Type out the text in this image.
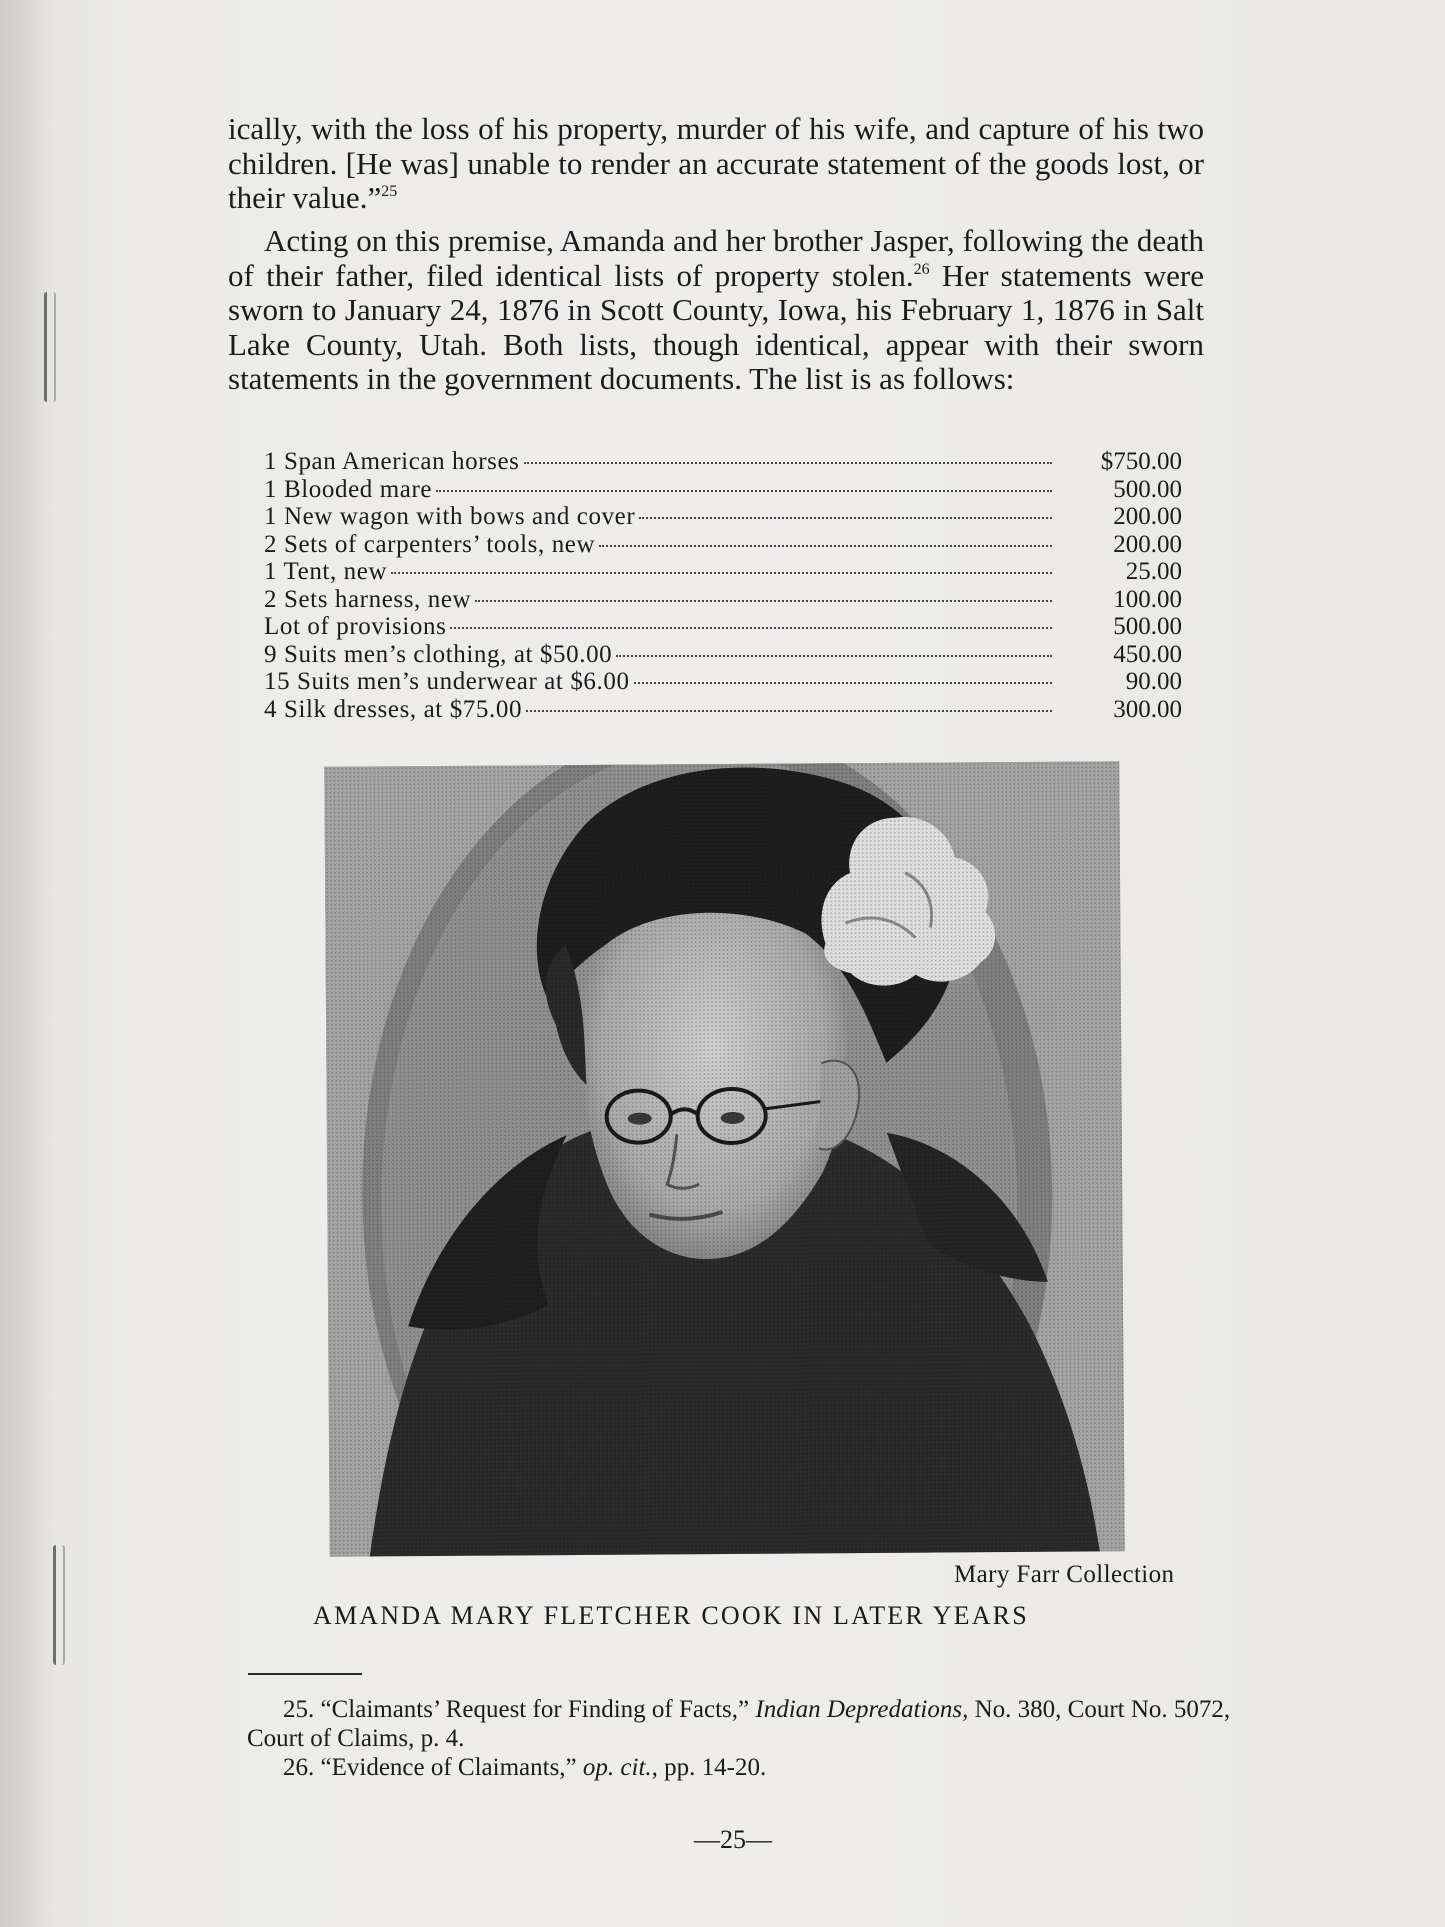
ically, with the loss of his property, murder of his wife, and capture of his two children. [He was] unable to render an accurate statement of the goods lost, or their value.”$^{25}$

Acting on this premise, Amanda and her brother Jasper, following the death of their father, filed identical lists of property stolen.$^{26}$ Her statements were sworn to January 24, 1876 in Scott County, Iowa, his February 1, 1876 in Salt Lake County, Utah. Both lists, though identical, appear with their sworn statements in the government documents. The list is as follows:

1 Span American horses	$750.00
1 Blooded mare	500.00
1 New wagon with bows and cover	200.00
2 Sets of carpenters’ tools, new	200.00
1 Tent, new	25.00
2 Sets harness, new	100.00
Lot of provisions	500.00
9 Suits men’s clothing, at $50.00	450.00
15 Suits men’s underwear at $6.00	90.00
4 Silk dresses, at $75.00	300.00
Mary Farr Collection
AMANDA MARY FLETCHER COOK IN LATER YEARS

25. “Claimants’ Request for Finding of Facts,” Indian Depredations, No. 380, Court No. 5072, Court of Claims, p. 4.

26. “Evidence of Claimants,” op. cit., pp. 14-20.

—25—
